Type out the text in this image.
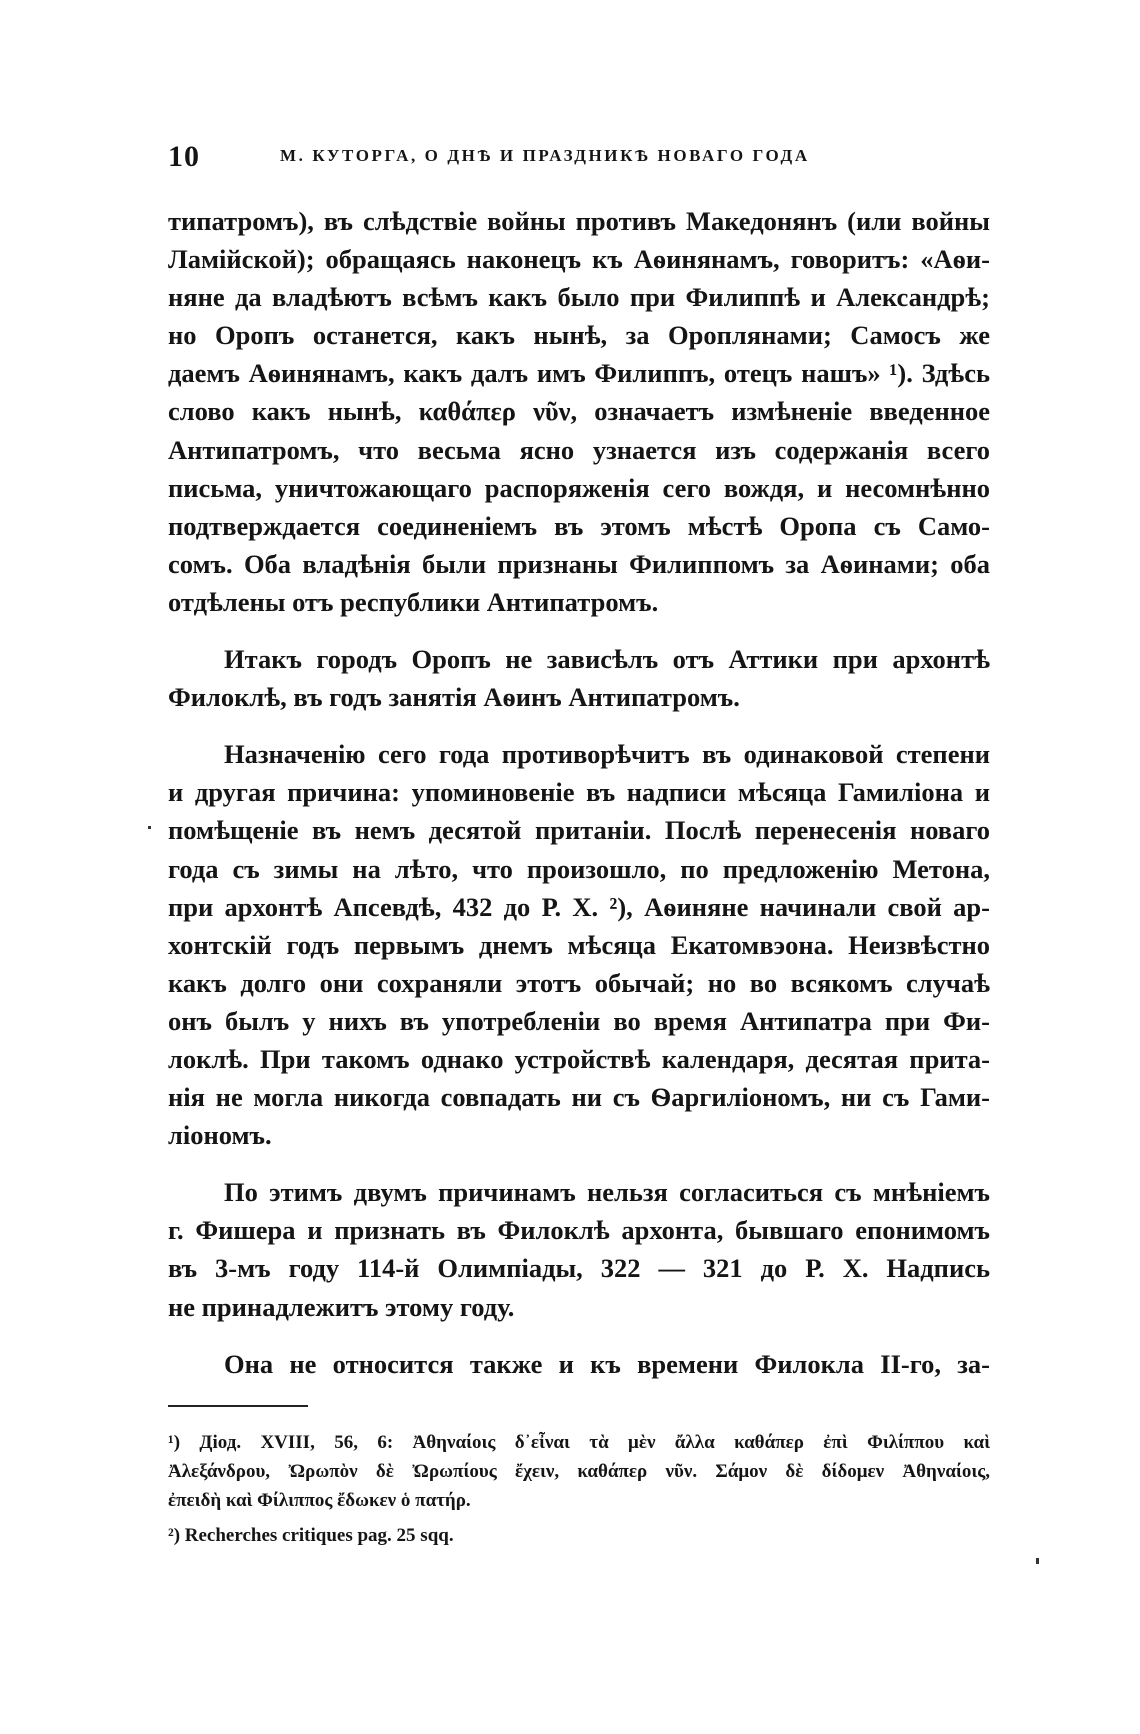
10	М. КУТОРГА, О ДНѢ И ПРАЗДНИКѢ НОВАГО ГОДА

типатромъ), въ слѣдствіе войны противъ Македонянъ (или войны
Ламійской); обращаясь наконецъ къ Аѳинянамъ, говоритъ: «Аѳи-
няне да владѣютъ всѣмъ какъ было при Филиппѣ и Александрѣ;
но Оропъ останется, какъ нынѣ, за Ороплянами; Самосъ же
даемъ Аѳинянамъ, какъ далъ имъ Филиппъ, отецъ нашъ» ¹). Здѣсь
слово какъ нынѣ, καθάπερ νῦν, означаетъ измѣненіе введенное
Антипатромъ, что весьма ясно узнается изъ содержанія всего
письма, уничтожающаго распоряженія сего вождя, и несомнѣнно
подтверждается соединеніемъ въ этомъ мѣстѣ Оропа съ Само-
сомъ. Оба владѣнія были признаны Филиппомъ за Аѳинами; оба
отдѣлены отъ республики Антипатромъ.

Итакъ городъ Оропъ не зависѣлъ отъ Аттики при архонтѣ
Филоклѣ, въ годъ занятія Аѳинъ Антипатромъ.

Назначенію сего года противорѣчитъ въ одинаковой степени
и другая причина: упоминовеніе въ надписи мѣсяца Гамиліона и
помѣщеніе въ немъ десятой пританіи. Послѣ перенесенія новаго
года съ зимы на лѣто, что произошло, по предложенію Метона,
при архонтѣ Апсевдѣ, 432 до Р. Х. ²), Аѳиняне начинали свой ар-
хонтскій годъ первымъ днемъ мѣсяца Екатомвэона. Неизвѣстно
какъ долго они сохраняли этотъ обычай; но во всякомъ случаѣ
онъ былъ у нихъ въ употребленіи во время Антипатра при Фи-
локлѣ. При такомъ однако устройствѣ календаря, десятая прита-
нія не могла никогда совпадать ни съ Ѳаргиліономъ, ни съ Гами-
ліономъ.

По этимъ двумъ причинамъ нельзя согласиться съ мнѣніемъ
г. Фишера и признать въ Филоклѣ архонта, бывшаго епонимомъ
въ 3-мъ году 114-й Олимпіады, 322 — 321 до Р. Х. Надпись
не принадлежитъ этому году.

Она не относится также и къ времени Филокла II-го, за-

¹) Діод. XVIII, 56, 6: Ἀθηναίοις δ᾽εἶναι τὰ μὲν ἄλλα καθάπερ ἐπὶ Φιλίππου καὶ
Ἀλεξάνδρου, Ὠρωπὸν δὲ Ὠρωπίους ἔχειν, καθάπερ νῦν. Σάμον δὲ δίδομεν Ἀθηναίοις,
ἐπειδὴ καὶ Φίλιππος ἔδωκεν ὁ πατήρ.

²) Recherches critiques pag. 25 sqq.
